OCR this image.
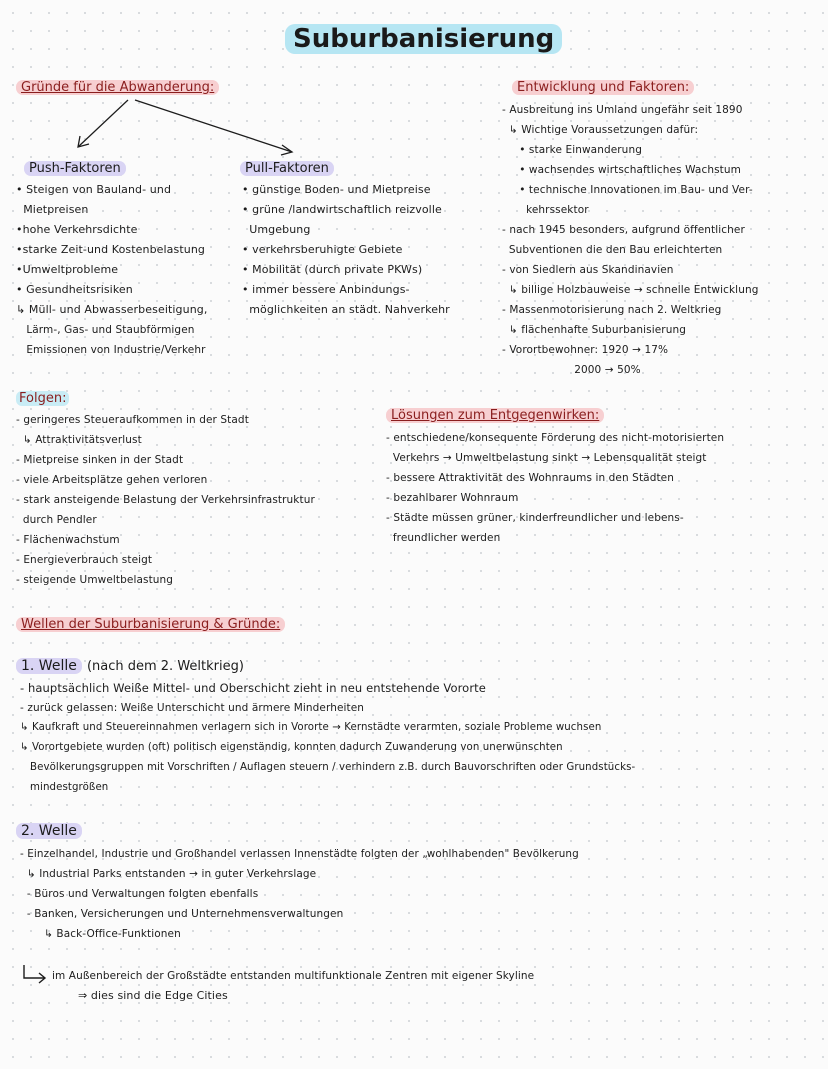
Suburbanisierung
Gründe für die Abwanderung:
Push-Faktoren
• Steigen von Bauland- und
Mietpreisen
•hohe Verkehrsdichte
•starke Zeit-und Kostenbelastung
•Umweltprobleme
• Gesundheitsrisiken
↳ Müll- und Abwasserbeseitigung,
Lärm-, Gas- und Staubförmigen
Emissionen von Industrie/Verkehr
Pull-Faktoren
• günstige Boden- und Mietpreise
• grüne /landwirtschaftlich reizvolle
Umgebung
• verkehrsberuhigte Gebiete
• Mobilität (durch private PKWs)
• immer bessere Anbindungs-
möglichkeiten an städt. Nahverkehr
Entwicklung und Faktoren:
- Ausbreitung ins Umland ungefähr seit 1890
↳ Wichtige Voraussetzungen dafür:
• starke Einwanderung
• wachsendes wirtschaftliches Wachstum
• technische Innovationen im Bau- und Ver-
kehrssektor
- nach 1945 besonders, aufgrund öffentlicher
Subventionen die den Bau erleichterten
- von Siedlern aus Skandinavien
↳ billige Holzbauweise → schnelle Entwicklung
- Massenmotorisierung nach 2. Weltkrieg
↳ flächenhafte Suburbanisierung
- Vorortbewohner: 1920 → 17%
2000 → 50%
Folgen:
- geringeres Steueraufkommen in der Stadt
↳ Attraktivitätsverlust
- Mietpreise sinken in der Stadt
- viele Arbeitsplätze gehen verloren
- stark ansteigende Belastung der Verkehrsinfrastruktur
durch Pendler
- Flächenwachstum
- Energieverbrauch steigt
- steigende Umweltbelastung
Lösungen zum Entgegenwirken:
- entschiedene/konsequente Förderung des nicht-motorisierten
Verkehrs → Umweltbelastung sinkt → Lebensqualität steigt
- bessere Attraktivität des Wohnraums in den Städten
- bezahlbarer Wohnraum
- Städte müssen grüner, kinderfreundlicher und lebens-
freundlicher werden
Wellen der Suburbanisierung & Gründe:
1. Welle (nach dem 2. Weltkrieg)
- hauptsächlich Weiße Mittel- und Oberschicht zieht in neu entstehende Vororte
- zurück gelassen: Weiße Unterschicht und ärmere Minderheiten
↳ Kaufkraft und Steuereinnahmen verlagern sich in Vororte → Kernstädte verarmten, soziale Probleme wuchsen
↳ Vorortgebiete wurden (oft) politisch eigenständig, konnten dadurch Zuwanderung von unerwünschten
Bevölkerungsgruppen mit Vorschriften / Auflagen steuern / verhindern z.B. durch Bauvorschriften oder Grundstücks-
mindestgrößen
2. Welle
- Einzelhandel, Industrie und Großhandel verlassen Innenstädte folgten der „wohlhabenden" Bevölkerung
↳ Industrial Parks entstanden → in guter Verkehrslage
- Büros und Verwaltungen folgten ebenfalls
- Banken, Versicherungen und Unternehmensverwaltungen
↳ Back-Office-Funktionen
im Außenbereich der Großstädte entstanden multifunktionale Zentren mit eigener Skyline
⇒ dies sind die Edge Cities
